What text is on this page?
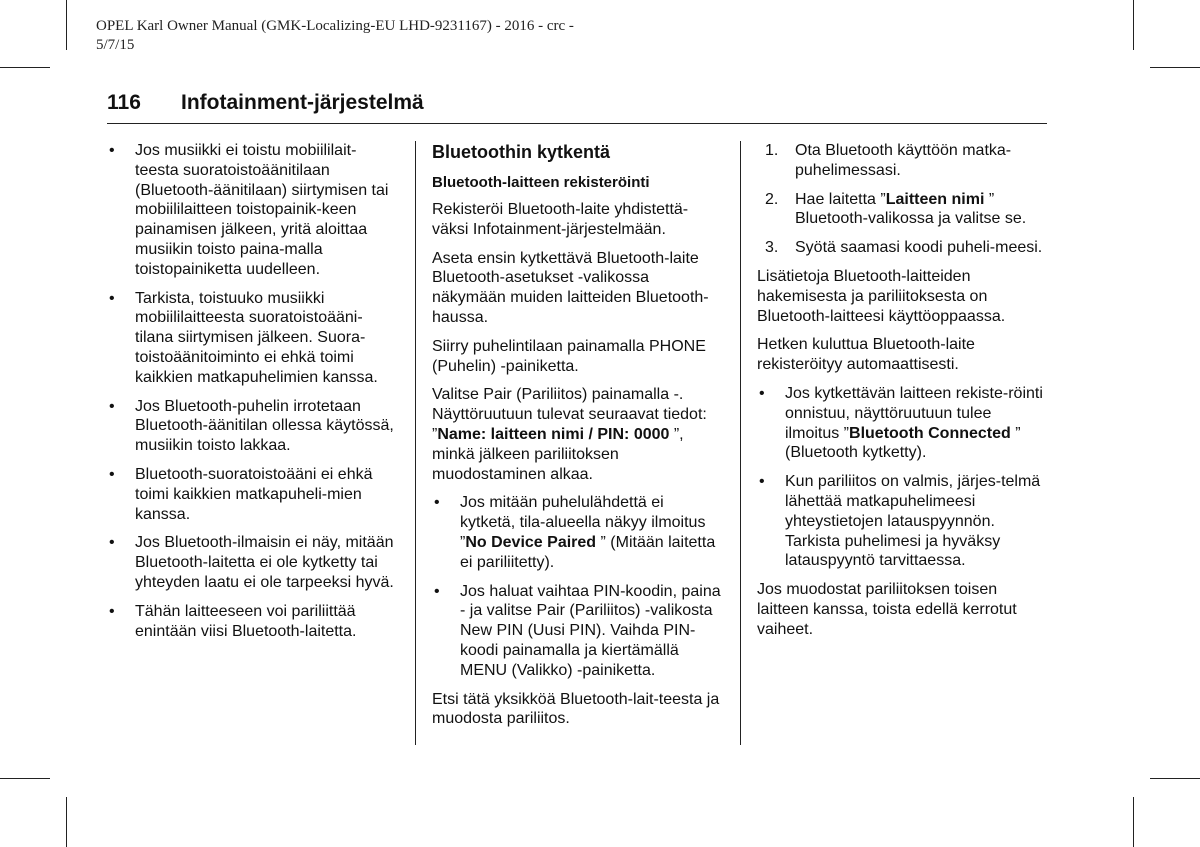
OPEL Karl Owner Manual (GMK-Localizing-EU LHD-9231167) - 2016 - crc -
5/7/15
116 Infotainment-järjestelmä
• Jos musiikki ei toistu mobiililait-teesta suoratoistoäänitilaan (Bluetooth-äänitilaan) siirtymisen tai mobiililaitteen toistopainik-keen painamisen jälkeen, yritä aloittaa musiikin toisto paina-malla toistopainiketta uudelleen.
• Tarkista, toistuuko musiikki mobiililaitteesta suoratoistoääni-tilana siirtymisen jälkeen. Suora-toistoäänitoiminto ei ehkä toimi kaikkien matkapuhelimien kanssa.
• Jos Bluetooth-puhelin irrotetaan Bluetooth-äänitilan ollessa käytössä, musiikin toisto lakkaa.
• Bluetooth-suoratoistoääni ei ehkä toimi kaikkien matkapuheli-mien kanssa.
• Jos Bluetooth-ilmaisin ei näy, mitään Bluetooth-laitetta ei ole kytketty tai yhteyden laatu ei ole tarpeeksi hyvä.
• Tähän laitteeseen voi pariliittää enintään viisi Bluetooth-laitetta.
Bluetoothin kytkentä
Bluetooth-laitteen rekisteröinti

Rekisteröi Bluetooth-laite yhdistettä-väksi Infotainment-järjestelmään.

Aseta ensin kytkettävä Bluetooth-laite Bluetooth-asetukset -valikossa näkymään muiden laitteiden Bluetooth-haussa.

Siirry puhelintilaan painamalla PHONE (Puhelin) -painiketta.

Valitse Pair (Pariliitos) painamalla -. Näyttöruutuun tulevat seuraavat tiedot: ”Name: laitteen nimi / PIN: 0000 ”, minkä jälkeen pariliitoksen muodostaminen alkaa.

• Jos mitään puhelulähdettä ei kytketä, tila-alueella näkyy ilmoitus ”No Device Paired ” (Mitään laitetta ei pariliitetty).
• Jos haluat vaihtaa PIN-koodin, paina - ja valitse Pair (Pariliitos) -valikosta New PIN (Uusi PIN). Vaihda PIN-koodi painamalla ja kiertämällä MENU (Valikko) -painiketta.

Etsi tätä yksikköä Bluetooth-lait-teesta ja muodosta pariliitos.

1. Ota Bluetooth käyttöön matka-puhelimessasi.
2. Hae laitetta ”Laitteen nimi ” Bluetooth-valikossa ja valitse se.
3. Syötä saamasi koodi puheli-meesi.

Lisätietoja Bluetooth-laitteiden hakemisesta ja pariliitoksesta on Bluetooth-laitteesi käyttöoppaassa.

Hetken kuluttua Bluetooth-laite rekisteröityy automaattisesti.

• Jos kytkettävän laitteen rekiste-röinti onnistuu, näyttöruutuun tulee ilmoitus ”Bluetooth Connected ” (Bluetooth kytketty).
• Kun pariliitos on valmis, järjes-telmä lähettää matkapuhelimeesi yhteystietojen latauspyynnön. Tarkista puhelimesi ja hyväksy latauspyyntö tarvittaessa.

Jos muodostat pariliitoksen toisen laitteen kanssa, toista edellä kerrotut vaiheet.
